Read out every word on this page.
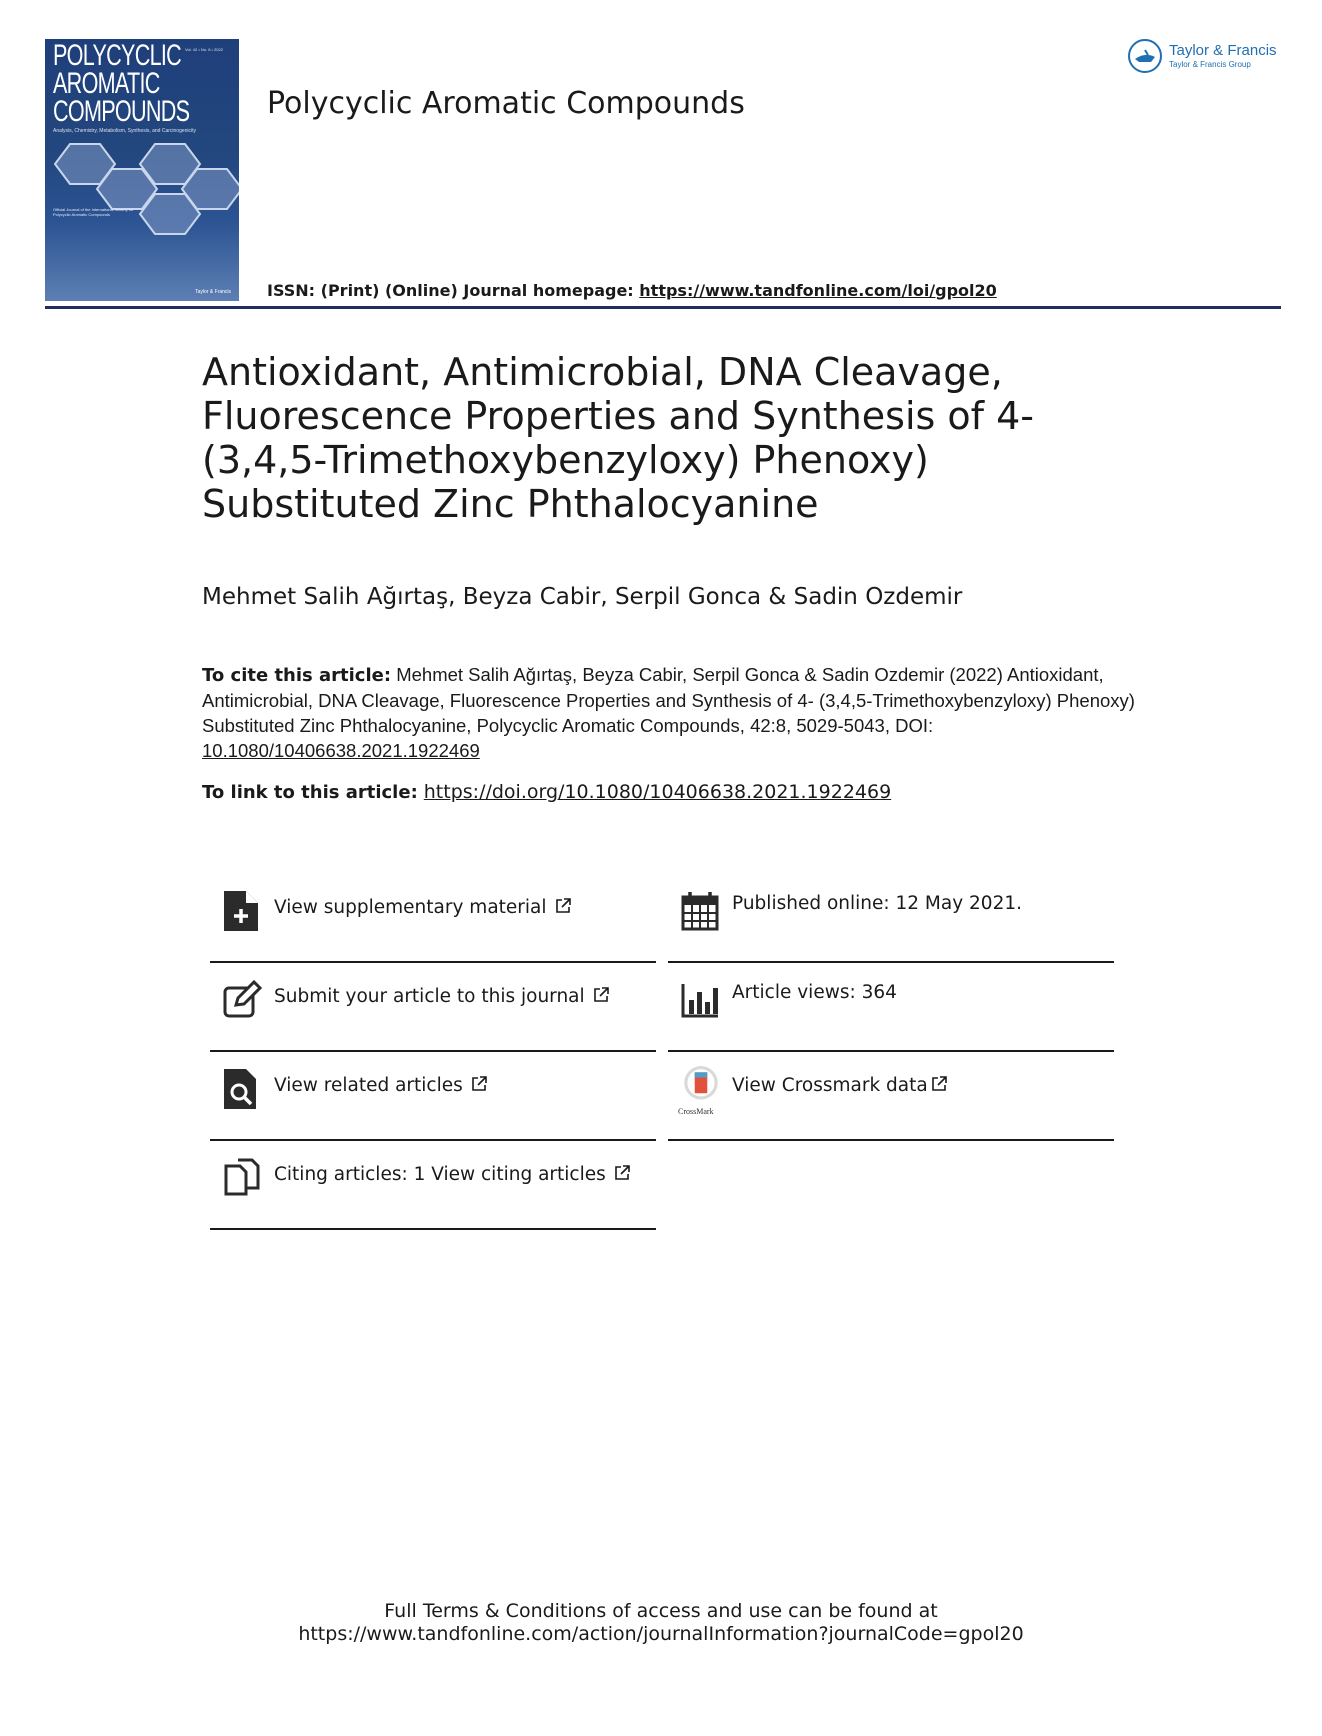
POLYCYCLIC
AROMATIC
COMPOUNDS
Vol. 42 • No. 8 • 2022
Analysis, Chemistry, Metabolism, Synthesis, and Carcinogenicity
Official Journal of the International Society for Polycyclic Aromatic Compounds
Taylor & Francis
Polycyclic Aromatic Compounds
ISSN: (Print) (Online) Journal homepage: https://www.tandfonline.com/loi/gpol20
Taylor & Francis
Taylor & Francis Group
Antioxidant, Antimicrobial, DNA Cleavage, Fluorescence Properties and Synthesis of 4- (3,4,5-Trimethoxybenzyloxy) Phenoxy) Substituted Zinc Phthalocyanine
Mehmet Salih Ağırtaş, Beyza Cabir, Serpil Gonca & Sadin Ozdemir
To cite this article: Mehmet Salih Ağırtaş, Beyza Cabir, Serpil Gonca & Sadin Ozdemir (2022) Antioxidant, Antimicrobial, DNA Cleavage, Fluorescence Properties and Synthesis of 4- (3,4,5-Trimethoxybenzyloxy) Phenoxy) Substituted Zinc Phthalocyanine, Polycyclic Aromatic Compounds, 42:8, 5029-5043, DOI: 10.1080/10406638.2021.1922469
To link to this article: https://doi.org/10.1080/10406638.2021.1922469
View supplementary material
Submit your article to this journal
View related articles
Citing articles: 1 View citing articles
Published online: 12 May 2021.
Article views: 364
CrossMark
View Crossmark data
Full Terms & Conditions of access and use can be found at
https://www.tandfonline.com/action/journalInformation?journalCode=gpol20
